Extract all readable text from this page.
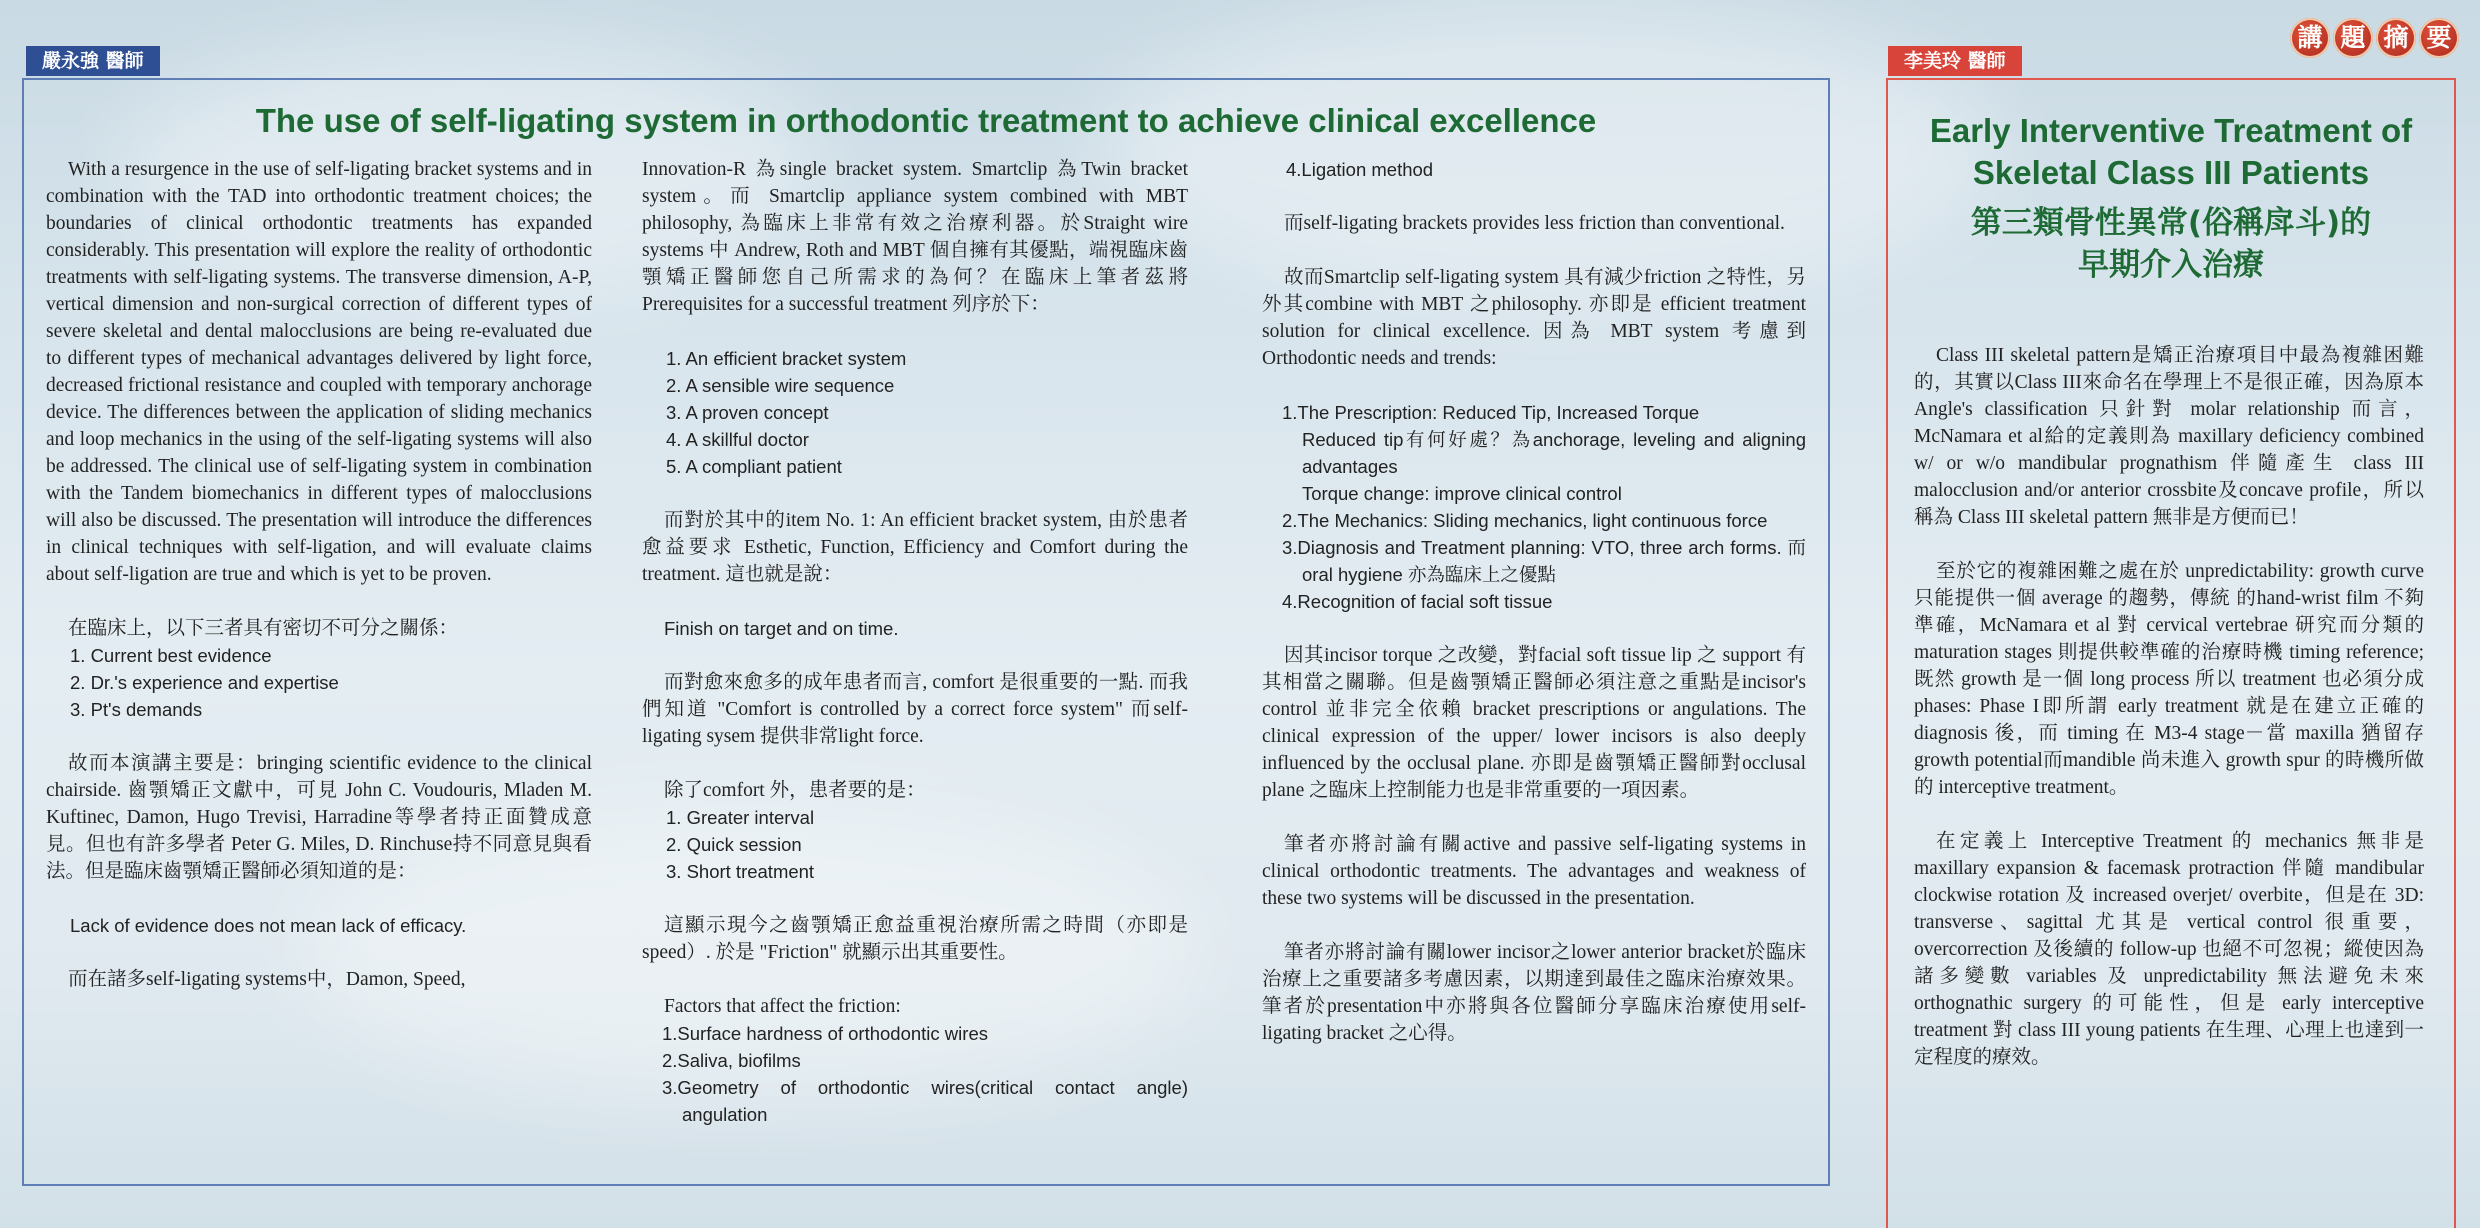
嚴永強 醫師	李美玲 醫師
講 題 摘 要
The use of self-ligating system in orthodontic treatment to achieve clinical excellence

With a resurgence in the use of self-ligating bracket systems and in combination with the TAD into orthodontic treatment choices; the boundaries of clinical orthodontic treatments has expanded considerably. This presentation will explore the reality of orthodontic treatments with self-ligating systems. The transverse dimension, A-P, vertical dimension and non-surgical correction of different types of severe skeletal and dental malocclusions are being re-evaluated due to different types of mechanical advantages delivered by light force, decreased frictional resistance and coupled with temporary anchorage device. The differences between the application of sliding mechanics and loop mechanics in the using of the self-ligating systems will also be addressed. The clinical use of self-ligating system in combination with the Tandem biomechanics in different types of malocclusions will also be discussed. The presentation will introduce the differences in clinical techniques with self-ligation, and will evaluate claims about self-ligation are true and which is yet to be proven.

在臨床上，以下三者具有密切不可分之關係：

1. Current best evidence
2. Dr.'s experience and expertise
3. Pt's demands

故而本演講主要是：bringing scientific evidence to the clinical chairside. 齒顎矯正文獻中，可見 John C. Voudouris, Mladen M. Kuftinec, Damon, Hugo Trevisi, Harradine等學者持正面贊成意見。但也有許多學者 Peter G. Miles, D. Rinchuse持不同意見與看法。但是臨床齒顎矯正醫師必須知道的是：

Lack of evidence does not mean lack of efficacy.

而在諸多self-ligating systems中，Damon, Speed,

Innovation-R 為single bracket system. Smartclip 為Twin bracket system。而 Smartclip appliance system combined with MBT philosophy, 為臨床上非常有效之治療利器。於Straight wire systems 中 Andrew, Roth and MBT 個自擁有其優點，端視臨床齒顎矯正醫師您自己所需求的為何？在臨床上筆者茲將Prerequisites for a successful treatment 列序於下：

1. An efficient bracket system
2. A sensible wire sequence
3. A proven concept
4. A skillful doctor
5. A compliant patient

而對於其中的item No. 1: An efficient bracket system, 由於患者愈益要求 Esthetic, Function, Efficiency and Comfort during the treatment. 這也就是說：

Finish on target and on time.

而對愈來愈多的成年患者而言, comfort 是很重要的一點. 而我們知道 "Comfort is controlled by a correct force system" 而self-ligating sysem 提供非常light force.

除了comfort 外，患者要的是：

1. Greater interval
2. Quick session
3. Short treatment

這顯示現今之齒顎矯正愈益重視治療所需之時間（亦即是speed）. 於是 "Friction" 就顯示出其重要性。

Factors that affect the friction:

1.Surface hardness of orthodontic wires
2.Saliva, biofilms
3.Geometry of orthodontic wires(critical contact angle) angulation
4.Ligation method

而self-ligating brackets provides less friction than conventional.

故而Smartclip self-ligating system 具有減少friction 之特性，另外其combine with MBT 之philosophy. 亦即是 efficient treatment solution for clinical excellence. 因為 MBT system 考慮到 Orthodontic needs and trends:

1.The Prescription: Reduced Tip, Increased Torque
Reduced tip有何好處？為anchorage, leveling and aligning advantages
Torque change: improve clinical control
2.The Mechanics: Sliding mechanics, light continuous force
3.Diagnosis and Treatment planning: VTO, three arch forms. 而oral hygiene 亦為臨床上之優點
4.Recognition of facial soft tissue

因其incisor torque 之改變，對facial soft tissue lip 之 support 有其相當之關聯。但是齒顎矯正醫師必須注意之重點是incisor's control 並非完全依賴 bracket prescriptions or angulations. The clinical expression of the upper/ lower incisors is also deeply influenced by the occlusal plane. 亦即是齒顎矯正醫師對occlusal plane 之臨床上控制能力也是非常重要的一項因素。

筆者亦將討論有關active and passive self-ligating systems in clinical orthodontic treatments. The advantages and weakness of these two systems will be discussed in the presentation.

筆者亦將討論有關lower incisor之lower anterior bracket於臨床治療上之重要諸多考慮因素，以期達到最佳之臨床治療效果。筆者於presentation中亦將與各位醫師分享臨床治療使用self-ligating bracket 之心得。

Early Interventive Treatment of Skeletal Class III Patients
第三類骨性異常(俗稱戽斗)的
早期介入治療

Class III skeletal pattern是矯正治療項目中最為複雜困難的，其實以Class III來命名在學理上不是很正確，因為原本 Angle's classification 只針對 molar relationship 而言，McNamara et al給的定義則為 maxillary deficiency combined w/ or w/o mandibular prognathism 伴隨產生 class III malocclusion and/or anterior crossbite及concave profile，所以稱為 Class III skeletal pattern 無非是方便而已！

至於它的複雜困難之處在於 unpredictability: growth curve只能提供一個 average 的趨勢，傳統 的hand-wrist film 不夠準確，McNamara et al 對 cervical vertebrae 研究而分類的 maturation stages 則提供較準確的治療時機 timing reference; 既然 growth 是一個 long process 所以 treatment 也必須分成 phases: Phase I即所謂 early treatment 就是在建立正確的 diagnosis 後，而 timing 在 M3-4 stage－當 maxilla 猶留存 growth potential而mandible 尚未進入 growth spur 的時機所做的 interceptive treatment。

在定義上 Interceptive Treatment 的 mechanics 無非是 maxillary expansion & facemask protraction 伴隨 mandibular clockwise rotation 及 increased overjet/ overbite，但是在 3D: transverse、sagittal 尤其是 vertical control 很重要，overcorrection 及後續的 follow-up 也絕不可忽視；縱使因為諸多變數 variables 及 unpredictability 無法避免未來 orthognathic surgery 的可能性，但是 early interceptive treatment 對 class III young patients 在生理、心理上也達到一定程度的療效。
